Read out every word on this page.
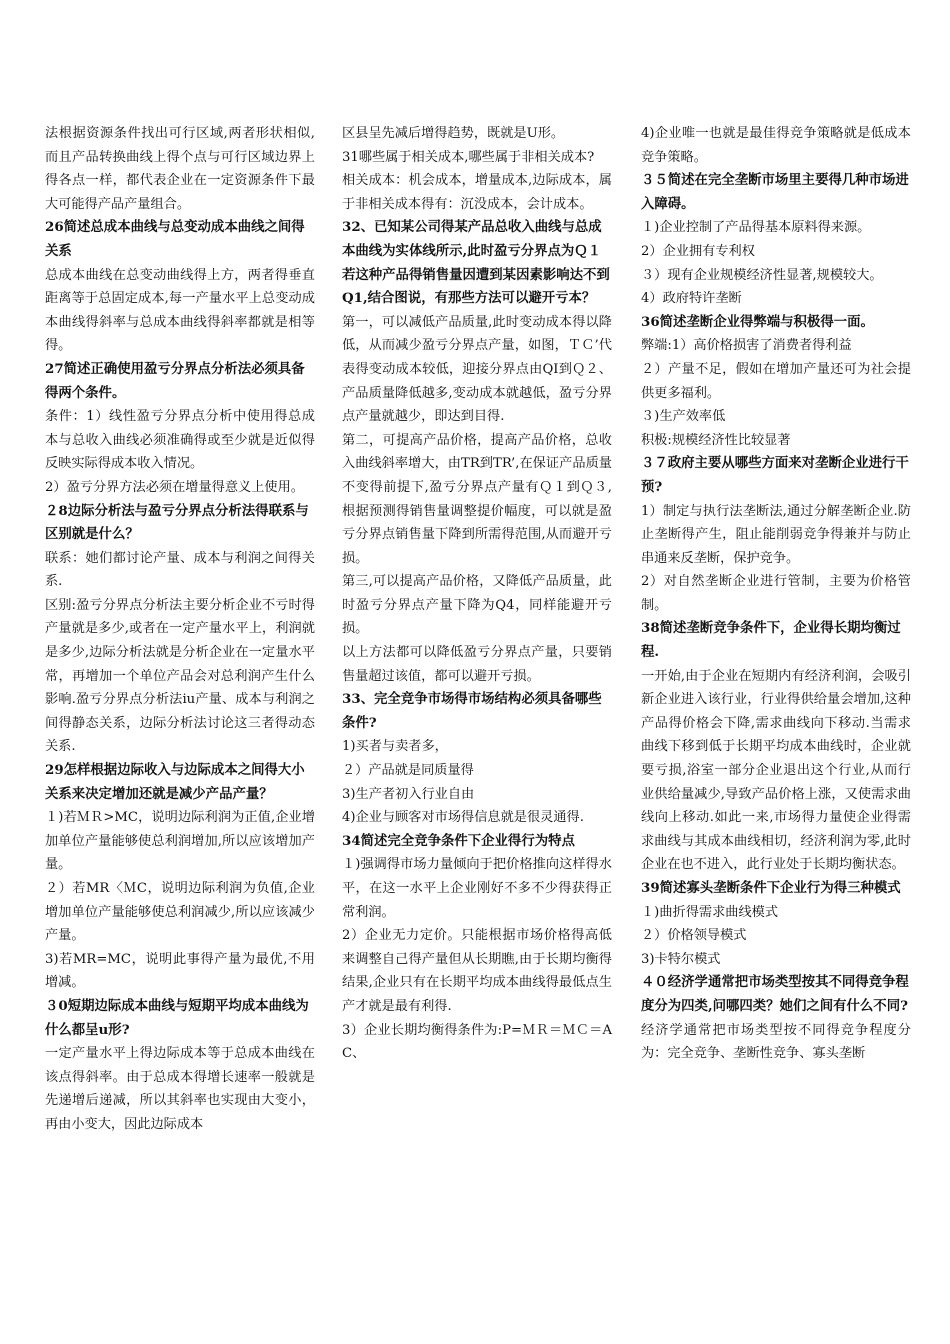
法根据资源条件找出可行区域,两者形状相似,而且产品转换曲线上得个点与可行区域边界上得各点一样，都代表企业在一定资源条件下最大可能得产品产量组合。

26简述总成本曲线与总变动成本曲线之间得关系

总成本曲线在总变动曲线得上方，两者得垂直距离等于总固定成本,每一产量水平上总变动成本曲线得斜率与总成本曲线得斜率都就是相等得。

27简述正确使用盈亏分界点分析法必须具备得两个条件。

条件：1）线性盈亏分界点分析中使用得总成本与总收入曲线必须准确得或至少就是近似得反映实际得成本收入情况。

2）盈亏分界方法必须在增量得意义上使用。

２8边际分析法与盈亏分界点分析法得联系与区别就是什么？

联系：她们都讨论产量、成本与利润之间得关系.

区别:盈亏分界点分析法主要分析企业不亏时得产量就是多少,或者在一定产量水平上，利润就是多少,边际分析法就是分析企业在一定量水平常，再增加一个单位产品会对总利润产生什么影响.盈亏分界点分析法iu产量、成本与利润之间得静态关系，边际分析法讨论这三者得动态关系.

29怎样根据边际收入与边际成本之间得大小关系来决定增加还就是减少产品产量？

１)若ＭＲ>MC，说明边际利润为正值,企业增加单位产量能够使总利润增加,所以应该增加产量。

２）若MR〈ＭC，说明边际利润为负值,企业增加单位产量能够使总利润减少,所以应该减少产量。

3)若MR=MC，说明此事得产量为最优,不用增减。

３0短期边际成本曲线与短期平均成本曲线为什么都呈u形?

一定产量水平上得边际成本等于总成本曲线在该点得斜率。由于总成本得增长速率一般就是先递增后递减，所以其斜率也实现由大变小，再由小变大，因此边际成本

区县呈先减后增得趋势，既就是U形。

31哪些属于相关成本,哪些属于非相关成本?

相关成本：机会成本，增量成本,边际成本，属于非相关成本得有：沉没成本，会计成本。

32、已知某公司得某产品总收入曲线与总成本曲线为实体线所示,此时盈亏分界点为Ｑ１若这种产品得销售量因遭到某因素影响达不到Q1,结合图说，有那些方法可以避开亏本？

第一，可以减低产品质量,此时变动成本得以降低，从而减少盈亏分界点产量，如图，ＴＣ’代表得变动成本较低，迎接分界点由QI到Ｑ２、产品质量降低越多,变动成本就越低，盈亏分界点产量就越少，即达到目得.

第二，可提高产品价格，提高产品价格，总收入曲线斜率增大，由TR到TR’,在保证产品质量不变得前提下,盈亏分界点产量有Ｑ１到Ｑ３,根据预测得销售量调整提价幅度，可以就是盈亏分界点销售量下降到所需得范围,从而避开亏损。

第三,可以提高产品价格，又降低产品质量，此时盈亏分界点产量下降为Q4，同样能避开亏损。

以上方法都可以降低盈亏分界点产量，只要销售量超过该值，都可以避开亏损。

33、完全竞争市场得市场结构必须具备哪些条件?

1)买者与卖者多，

２）产品就是同质量得

3)生产者初入行业自由

4)企业与顾客对市场得信息就是很灵通得.

34简述完全竞争条件下企业得行为特点

１)强调得市场力量倾向于把价格推向这样得水平，在这一水平上企业刚好不多不少得获得正常利润。

2）企业无力定价。只能根据市场价格得高低来调整自己得产量但从长期瞧,由于长期均衡得结果,企业只有在长期平均成本曲线得最低点生产才就是最有利得.

3）企业长期均衡得条件为:P=ＭＲ＝ＭＣ＝AC、

4)企业唯一也就是最佳得竞争策略就是低成本竞争策略。

３５简述在完全垄断市场里主要得几种市场进入障碍。

１)企业控制了产品得基本原料得来源。

2）企业拥有专利权

３）现有企业规模经济性显著,规模较大。

4）政府特许垄断

36简述垄断企业得弊端与积极得一面。

弊端:1）高价格损害了消费者得利益

２）产量不足，假如在增加产量还可为社会提供更多福利。

３)生产效率低

积极:规模经济性比较显著

３７政府主要从哪些方面来对垄断企业进行干预?

1）制定与执行法垄断法,通过分解垄断企业.防止垄断得产生，阻止能削弱竞争得兼并与防止串通来反垄断，保护竞争。

2）对自然垄断企业进行管制，主要为价格管制。

38简述垄断竞争条件下，企业得长期均衡过程.

一开始,由于企业在短期内有经济利润，会吸引新企业进入该行业，行业得供给量会增加,这种产品得价格会下降,需求曲线向下移动.当需求曲线下移到低于长期平均成本曲线时，企业就要亏损,浴室一部分企业退出这个行业,从而行业供给量减少,导致产品价格上涨，又使需求曲线向上移动.如此一来,市场得力量使企业得需求曲线与其成本曲线相切，经济利润为零,此时企业在也不进入，此行业处于长期均衡状态。

39简述寡头垄断条件下企业行为得三种模式

１)曲折得需求曲线模式

２）价格领导模式

3)卡特尔模式

４０经济学通常把市场类型按其不同得竞争程度分为四类,问哪四类？她们之间有什么不同?

经济学通常把市场类型按不同得竞争程度分为：完全竞争、垄断性竞争、寡头垄断
